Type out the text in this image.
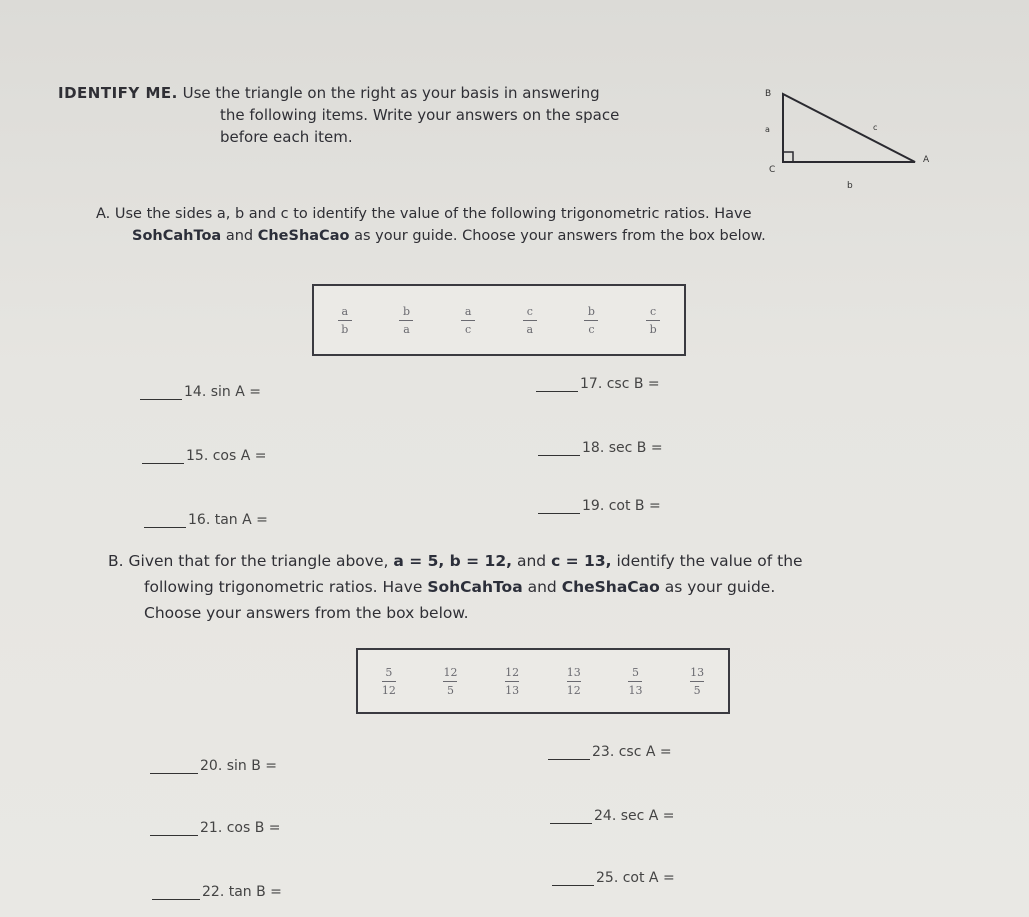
IDENTIFY ME. Use the triangle on the right as your basis in answering
the following items. Write your answers on the space
before each item.
B
C
A
a
b
c
A. Use the sides a, b and c to identify the value of the following trigonometric ratios. Have
SohCahToa and CheShaCao as your guide. Choose your answers from the box below.
$\frac{a}{b}$	$\frac{b}{a}$	$\frac{a}{c}$	$\frac{c}{a}$	$\frac{b}{c}$	$\frac{c}{b}$
14. sin A =
15. cos A =
16. tan A =
17. csc B =
18. sec B =
19. cot B =
B. Given that for the triangle above, a = 5, b = 12, and c = 13, identify the value of the
following trigonometric ratios. Have SohCahToa and CheShaCao as your guide.
Choose your answers from the box below.
$\frac{5}{12}$	$\frac{12}{5}$	$\frac{12}{13}$	$\frac{13}{12}$	$\frac{5}{13}$	$\frac{13}{5}$
20. sin B =
21. cos B =
22. tan B =
23. csc A =
24. sec A =
25. cot A =
